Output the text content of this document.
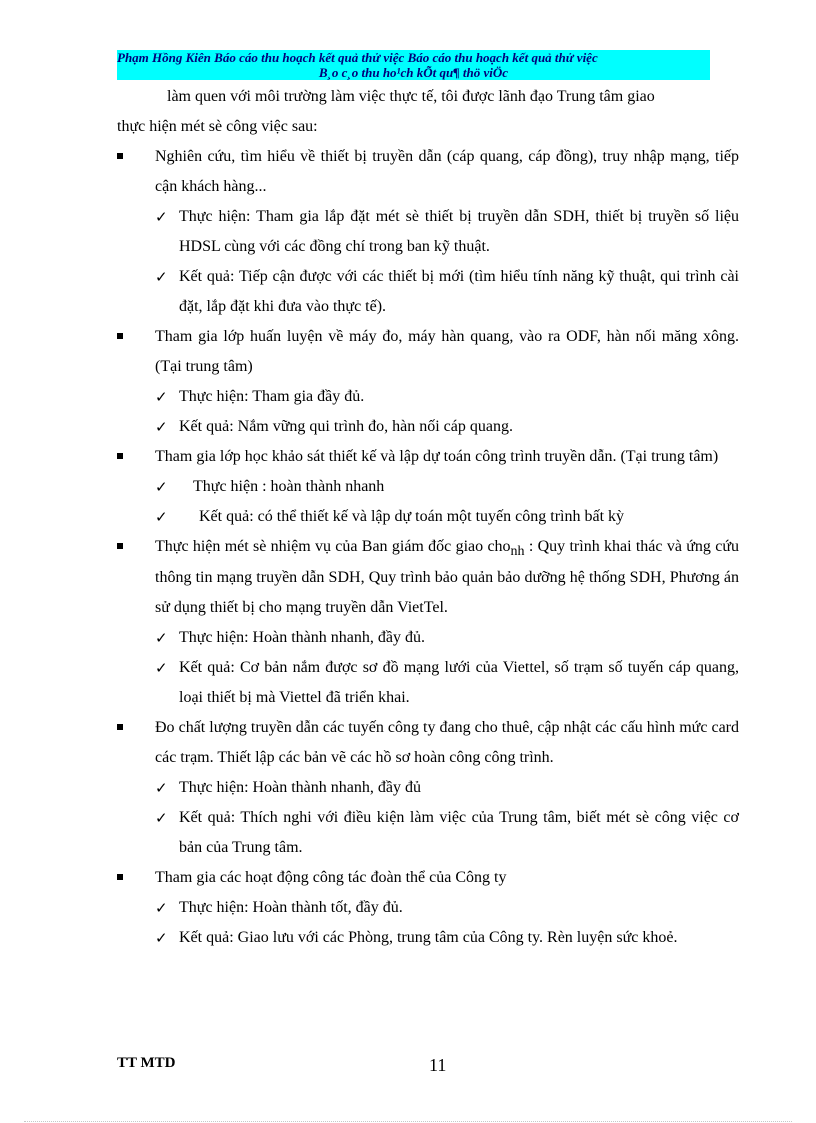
Phạm Hồng Kiên Báo cáo thu hoạch kết quả thử việc Báo cáo thu hoạch kết quả thử việc
B¸o c¸o thu ho¹ch kÕt qu¶ thö viÖc
làm quen với môi trường làm việc thực tế, tôi được lãnh đạo Trung tâm giao
thực hiện mét sè công việc sau:
Nghiên cứu, tìm hiểu về thiết bị truyền dẫn (cáp quang, cáp đồng), truy nhập mạng, tiếp cận khách hàng...
✓ Thực hiện: Tham gia lắp đặt mét sè thiết bị truyền dẫn SDH, thiết bị truyền số liệu HDSL cùng với các đồng chí trong ban kỹ thuật.
✓ Kết quả: Tiếp cận được với các thiết bị mới (tìm hiểu tính năng kỹ thuật, qui trình cài đặt, lắp đặt khi đưa vào thực tế).
Tham gia lớp huấn luyện về máy đo, máy hàn quang, vào ra ODF, hàn nối măng xông. (Tại trung tâm)
✓ Thực hiện: Tham gia đầy đủ.
✓ Kết quả: Nắm vững qui trình đo, hàn nối cáp quang.
Tham gia lớp học khảo sát thiết kế và lập dự toán công trình truyền dẫn. (Tại trung tâm)
✓	Thực hiện : hoàn thành nhanh
✓	Kết quả: có thể thiết kế và lập dự toán một tuyến công trình bất kỳ
Thực hiện mét sè nhiệm vụ của Ban giám đốc giao chonh : Quy trình khai thác và ứng cứu thông tin mạng truyền dẫn SDH, Quy trình bảo quản bảo dưỡng hệ thống SDH, Phương án sử dụng thiết bị cho mạng truyền dẫn VietTel.
✓ Thực hiện: Hoàn thành nhanh, đầy đủ.
✓ Kết quả: Cơ bản nắm được sơ đồ mạng lưới của Viettel, số trạm số tuyến cáp quang, loại thiết bị mà Viettel đã triển khai.
Đo chất lượng truyền dẫn các tuyến công ty đang cho thuê, cập nhật các cấu hình mức card các trạm. Thiết lập các bản vẽ các hồ sơ hoàn công công trình.
✓ Thực hiện: Hoàn thành nhanh, đầy đủ
✓ Kết quả: Thích nghi với điều kiện làm việc của Trung tâm, biết mét sè công việc cơ bản của Trung tâm.
Tham gia các hoạt động công tác đoàn thể của Công ty
✓ Thực hiện: Hoàn thành tốt, đầy đủ.
✓ Kết quả: Giao lưu với các Phòng, trung tâm của Công ty. Rèn luyện sức khoẻ.
TT MTD	11
